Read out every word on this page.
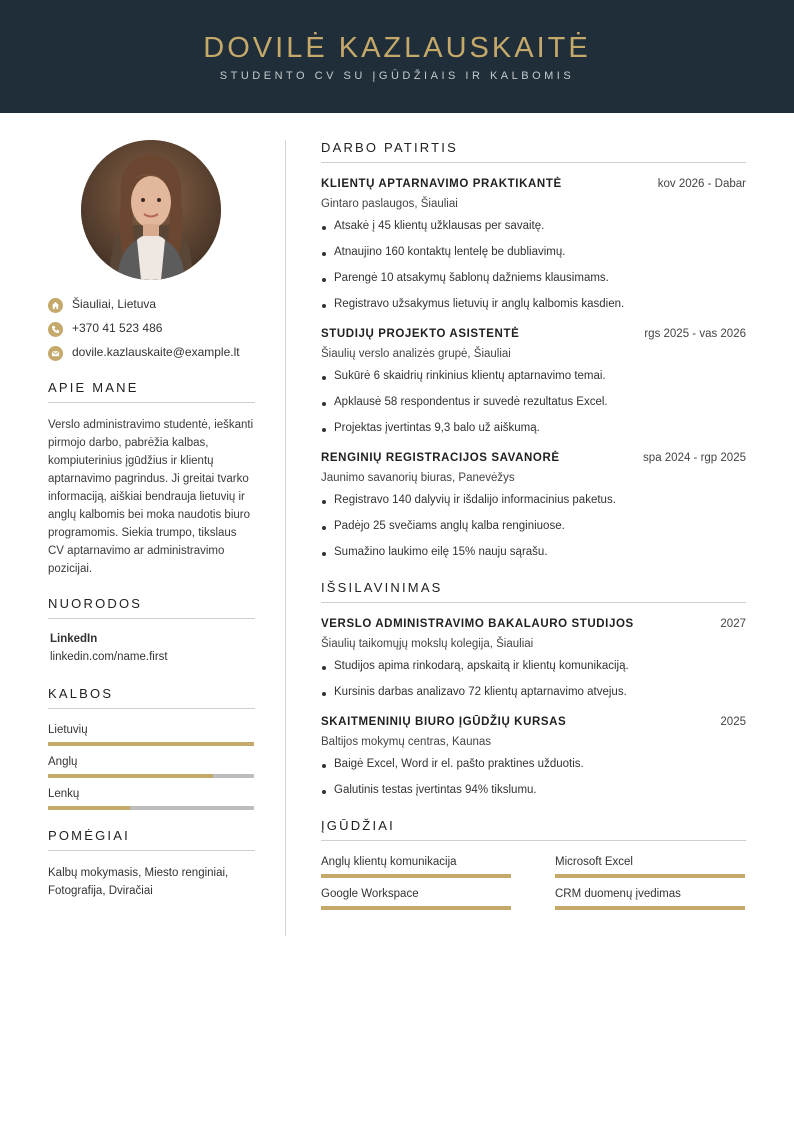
DOVILĖ KAZLAUSKAITĖ
STUDENTO CV SU ĮGŪDŽIAIS IR KALBOMIS
Šiauliai, Lietuva
+370 41 523 486
dovile.kazlauskaite@example.lt
APIE MANE
Verslo administravimo studentė, ieškanti pirmojo darbo, pabrėžia kalbas, kompiuterinius įgūdžius ir klientų aptarnavimo pagrindus. Ji greitai tvarko informaciją, aiškiai bendrauja lietuvių ir anglų kalbomis bei moka naudotis biuro programomis. Siekia trumpo, tikslaus CV aptarnavimo ar administravimo pozicijai.
NUORODOS
LinkedIn
linkedin.com/name.first
KALBOS
Lietuvių
Anglų
Lenkų
POMĖGIAI
Kalbų mokymasis, Miesto renginiai, Fotografija, Dviračiai
DARBO PATIRTIS
KLIENTŲ APTARNAVIMO PRAKTIKANTĖ	kov 2026 - Dabar
Gintaro paslaugos, Šiauliai
Atsakė į 45 klientų užklausas per savaitę.
Atnaujino 160 kontaktų lentelę be dubliavimų.
Parengė 10 atsakymų šablonų dažniems klausimams.
Registravo užsakymus lietuvių ir anglų kalbomis kasdien.
STUDIJŲ PROJEKTO ASISTENTĖ	rgs 2025 - vas 2026
Šiaulių verslo analizės grupė, Šiauliai
Sukūrė 6 skaidrių rinkinius klientų aptarnavimo temai.
Apklausė 58 respondentus ir suvedė rezultatus Excel.
Projektas įvertintas 9,3 balo už aiškumą.
RENGINIŲ REGISTRACIJOS SAVANORĖ	spa 2024 - rgp 2025
Jaunimo savanorių biuras, Panevėžys
Registravo 140 dalyvių ir išdalijo informacinius paketus.
Padėjo 25 svečiams anglų kalba renginiuose.
Sumažino laukimo eilę 15% nauju sąrašu.
IŠSILAVINIMAS
VERSLO ADMINISTRAVIMO BAKALAURO STUDIJOS	2027
Šiaulių taikomųjų mokslų kolegija, Šiauliai
Studijos apima rinkodarą, apskaitą ir klientų komunikaciją.
Kursinis darbas analizavo 72 klientų aptarnavimo atvejus.
SKAITMENINIŲ BIURO ĮGŪDŽIŲ KURSAS	2025
Baltijos mokymų centras, Kaunas
Baigė Excel, Word ir el. pašto praktines užduotis.
Galutinis testas įvertintas 94% tikslumu.
ĮGŪDŽIAI
Anglų klientų komunikacija	Microsoft Excel
Google Workspace	CRM duomenų įvedimas
